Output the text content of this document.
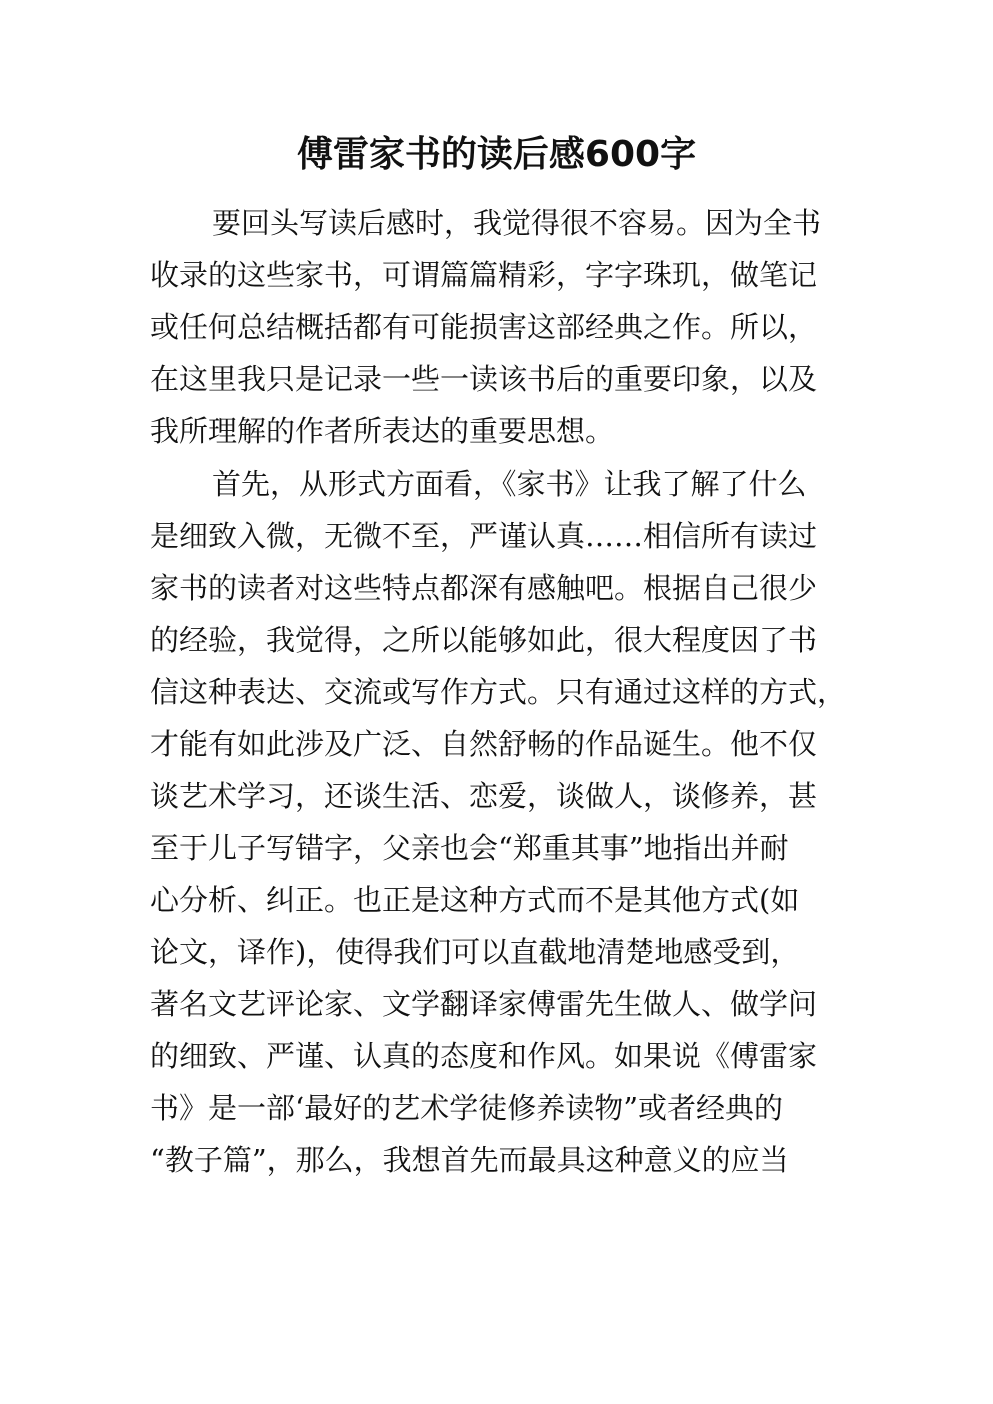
傅雷家书的读后感600字
要回头写读后感时，我觉得很不容易。因为全书
收录的这些家书，可谓篇篇精彩，字字珠玑，做笔记
或任何总结概括都有可能损害这部经典之作。所以，
在这里我只是记录一些一读该书后的重要印象，以及
我所理解的作者所表达的重要思想。
首先，从形式方面看，《家书》让我了解了什么
是细致入微，无微不至，严谨认真……相信所有读过
家书的读者对这些特点都深有感触吧。根据自己很少
的经验，我觉得，之所以能够如此，很大程度因了书
信这种表达、交流或写作方式。只有通过这样的方式，
才能有如此涉及广泛、自然舒畅的作品诞生。他不仅
谈艺术学习，还谈生活、恋爱，谈做人，谈修养，甚
至于儿子写错字，父亲也会“郑重其事”地指出并耐
心分析、纠正。也正是这种方式而不是其他方式(如
论文，译作)，使得我们可以直截地清楚地感受到，
著名文艺评论家、文学翻译家傅雷先生做人、做学问
的细致、严谨、认真的态度和作风。如果说《傅雷家
书》是一部‘最好的艺术学徒修养读物”或者经典的
“教子篇”，那么，我想首先而最具这种意义的应当
